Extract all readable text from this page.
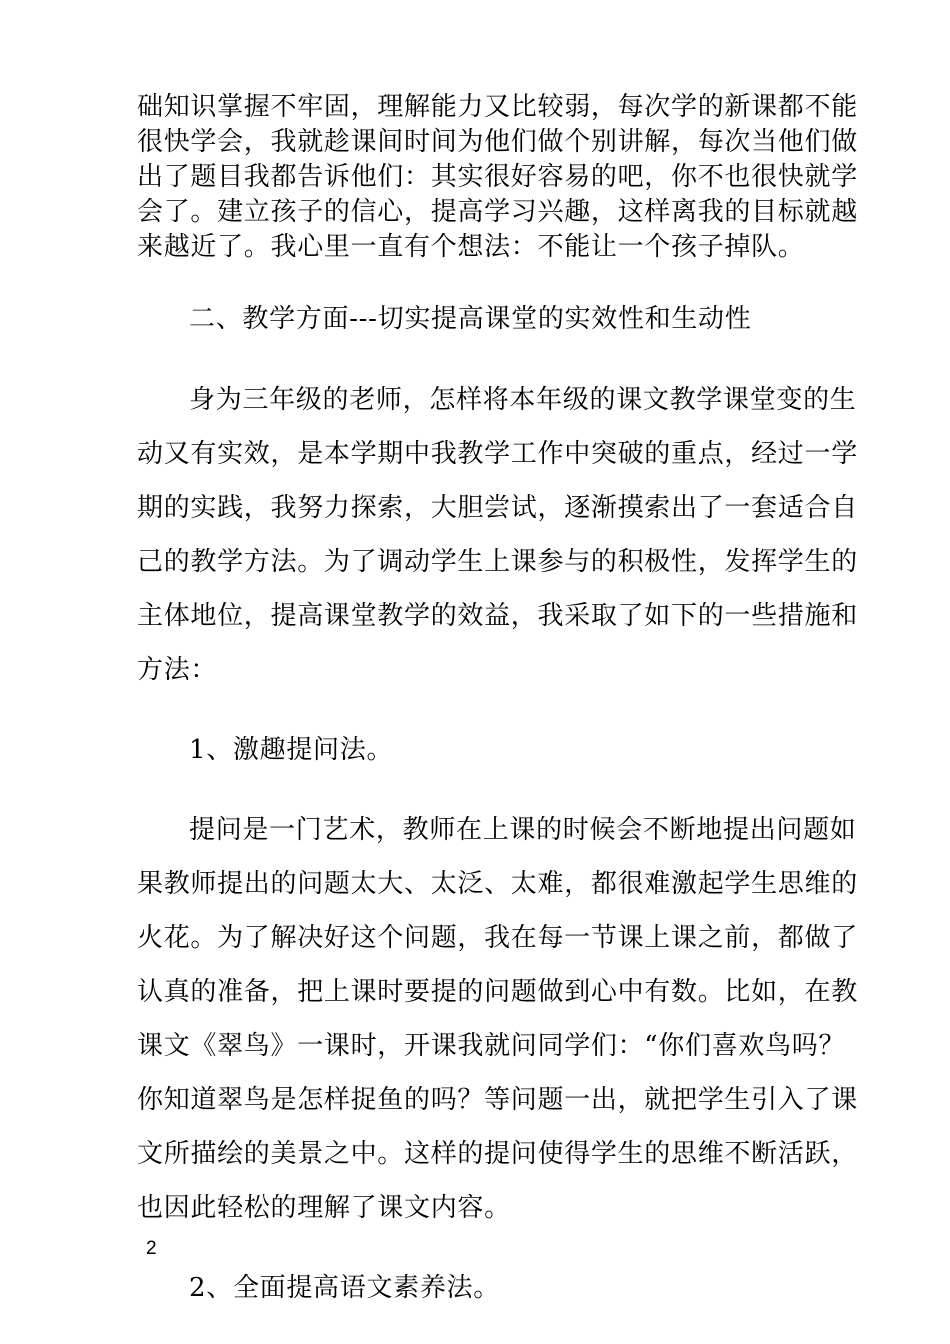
础知识掌握不牢固，理解能力又比较弱，每次学的新课都不能
很快学会，我就趁课间时间为他们做个别讲解，每次当他们做
出了题目我都告诉他们：其实很好容易的吧，你不也很快就学
会了。建立孩子的信心，提高学习兴趣，这样离我的目标就越
来越近了。我心里一直有个想法：不能让一个孩子掉队。
二、教学方面---切实提高课堂的实效性和生动性
身为三年级的老师，怎样将本年级的课文教学课堂变的生
动又有实效，是本学期中我教学工作中突破的重点，经过一学
期的实践，我努力探索，大胆尝试，逐渐摸索出了一套适合自
己的教学方法。为了调动学生上课参与的积极性，发挥学生的
主体地位，提高课堂教学的效益，我采取了如下的一些措施和
方法：
1、激趣提问法。
提问是一门艺术，教师在上课的时候会不断地提出问题如
果教师提出的问题太大、太泛、太难，都很难激起学生思维的
火花。为了解决好这个问题，我在每一节课上课之前，都做了
认真的准备，把上课时要提的问题做到心中有数。比如，在教
课文《翠鸟》一课时，开课我就问同学们：“你们喜欢鸟吗？
你知道翠鸟是怎样捉鱼的吗？等问题一出，就把学生引入了课
文所描绘的美景之中。这样的提问使得学生的思维不断活跃，
也因此轻松的理解了课文内容。
2、全面提高语文素养法。
2
